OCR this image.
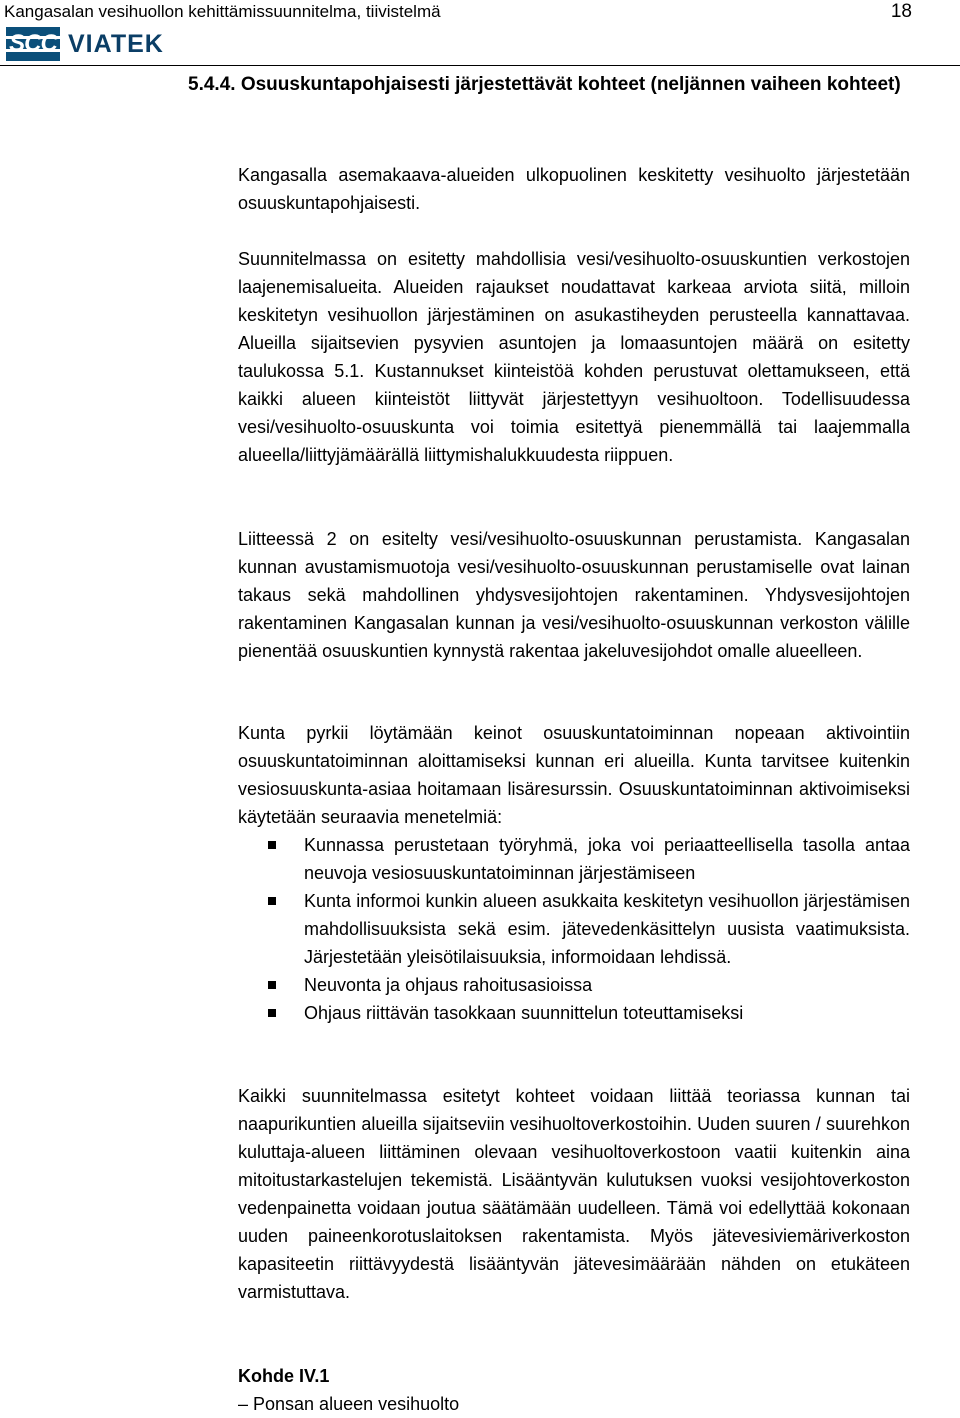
Kangasalan vesihuollon kehittämissuunnitelma, tiivistelmä	18
SCC VIATEK
5.4.4. Osuuskuntapohjaisesti järjestettävät kohteet (neljännen vaiheen kohteet)

Kangasalla asemakaava-alueiden ulkopuolinen keskitetty vesihuolto järjestetään osuuskuntapohjaisesti.

Suunnitelmassa on esitetty mahdollisia vesi/vesihuolto-osuuskuntien verkostojen laajenemisalueita. Alueiden rajaukset noudattavat karkeaa arviota siitä, milloin keskitetyn vesihuollon järjestäminen on asukastiheyden perusteella kannattavaa. Alueilla sijaitsevien pysyvien asuntojen ja lomaasuntojen määrä on esitetty taulukossa 5.1. Kustannukset kiinteistöä kohden perustuvat olettamukseen, että kaikki alueen kiinteistöt liittyvät järjestettyyn vesihuoltoon. Todellisuudessa vesi/vesihuolto-osuuskunta voi toimia esitettyä pienemmällä tai laajemmalla alueella/liittyjämäärällä liittymishalukkuudesta riippuen.

Liitteessä 2 on esitelty vesi/vesihuolto-osuuskunnan perustamista. Kangasalan kunnan avustamismuotoja vesi/vesihuolto-osuuskunnan perustamiselle ovat lainan takaus sekä mahdollinen yhdysvesijohtojen rakentaminen. Yhdysvesijohtojen rakentaminen Kangasalan kunnan ja vesi/vesihuolto-osuuskunnan verkoston välille pienentää osuuskuntien kynnystä rakentaa jakeluvesijohdot omalle alueelleen.

Kunta pyrkii löytämään keinot osuuskuntatoiminnan nopeaan aktivointiin osuuskuntatoiminnan aloittamiseksi kunnan eri alueilla. Kunta tarvitsee kuitenkin vesiosuuskunta-asiaa hoitamaan lisäresurssin. Osuuskuntatoiminnan aktivoimiseksi käytetään seuraavia menetelmiä:

Kunnassa perustetaan työryhmä, joka voi periaatteellisella tasolla antaa neuvoja vesiosuuskuntatoiminnan järjestämiseen
Kunta informoi kunkin alueen asukkaita keskitetyn vesihuollon järjestämisen mahdollisuuksista sekä esim. jätevedenkäsittelyn uusista vaatimuksista. Järjestetään yleisötilaisuuksia, informoidaan lehdissä.
Neuvonta ja ohjaus rahoitusasioissa
Ohjaus riittävän tasokkaan suunnittelun toteuttamiseksi

Kaikki suunnitelmassa esitetyt kohteet voidaan liittää teoriassa kunnan tai naapurikuntien alueilla sijaitseviin vesihuoltoverkostoihin. Uuden suuren / suurehkon kuluttaja-alueen liittäminen olevaan vesihuoltoverkostoon vaatii kuitenkin aina mitoitustarkastelujen tekemistä. Lisääntyvän kulutuksen vuoksi vesijohtoverkoston vedenpainetta voidaan joutua säätämään uudelleen. Tämä voi edellyttää kokonaan uuden paineenkorotuslaitoksen rakentamista. Myös jätevesiviemäriverkoston kapasiteetin riittävyydestä lisääntyvän jätevesimäärään nähden on etukäteen varmistuttava.

Kohde IV.1

– Ponsan alueen vesihuolto
